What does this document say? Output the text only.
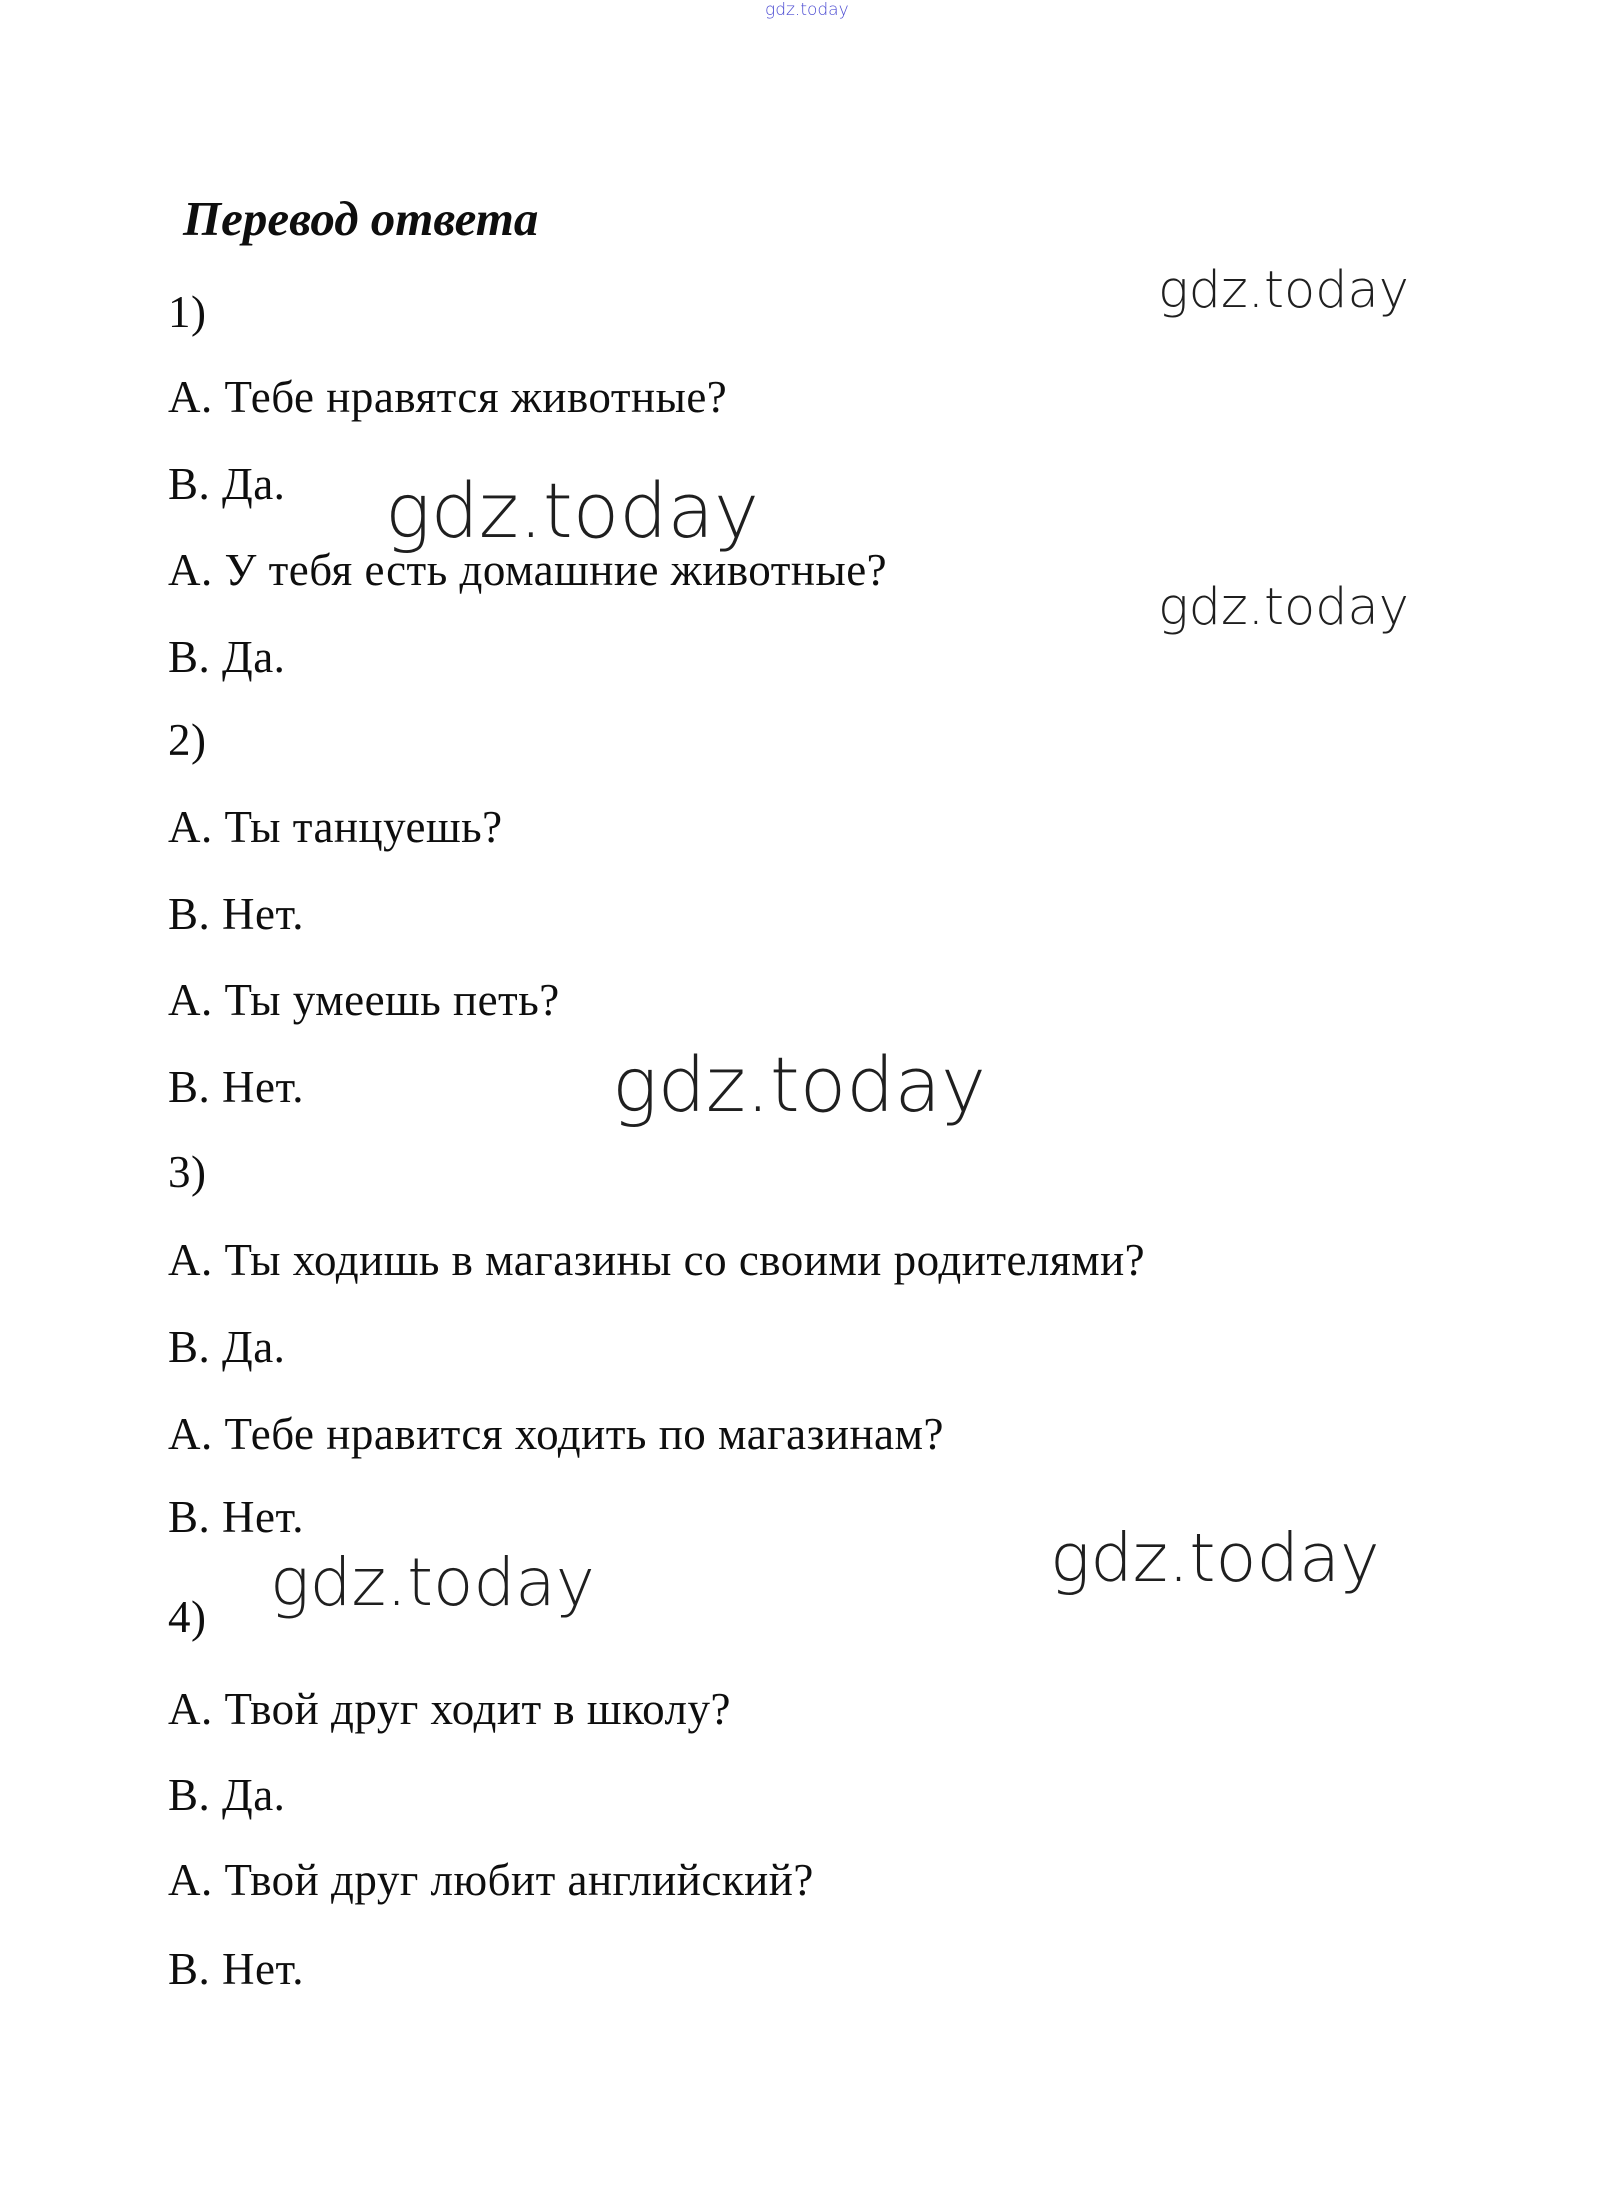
gdz.today
gdz.today
gdz.today
gdz.today
gdz.today
gdz.today	gdz.today
Перевод ответа
1)
А. Тебе нравятся животные?
В. Да.
А. У тебя есть домашние животные?
В. Да.
2)
А. Ты танцуешь?
В. Нет.
А. Ты умеешь петь?
В. Нет.
3)
А. Ты ходишь в магазины со своими родителями?
В. Да.
А. Тебе нравится ходить по магазинам?
В. Нет.
4)
А. Твой друг ходит в школу?
В. Да.
А. Твой друг любит английский?
В. Нет.
